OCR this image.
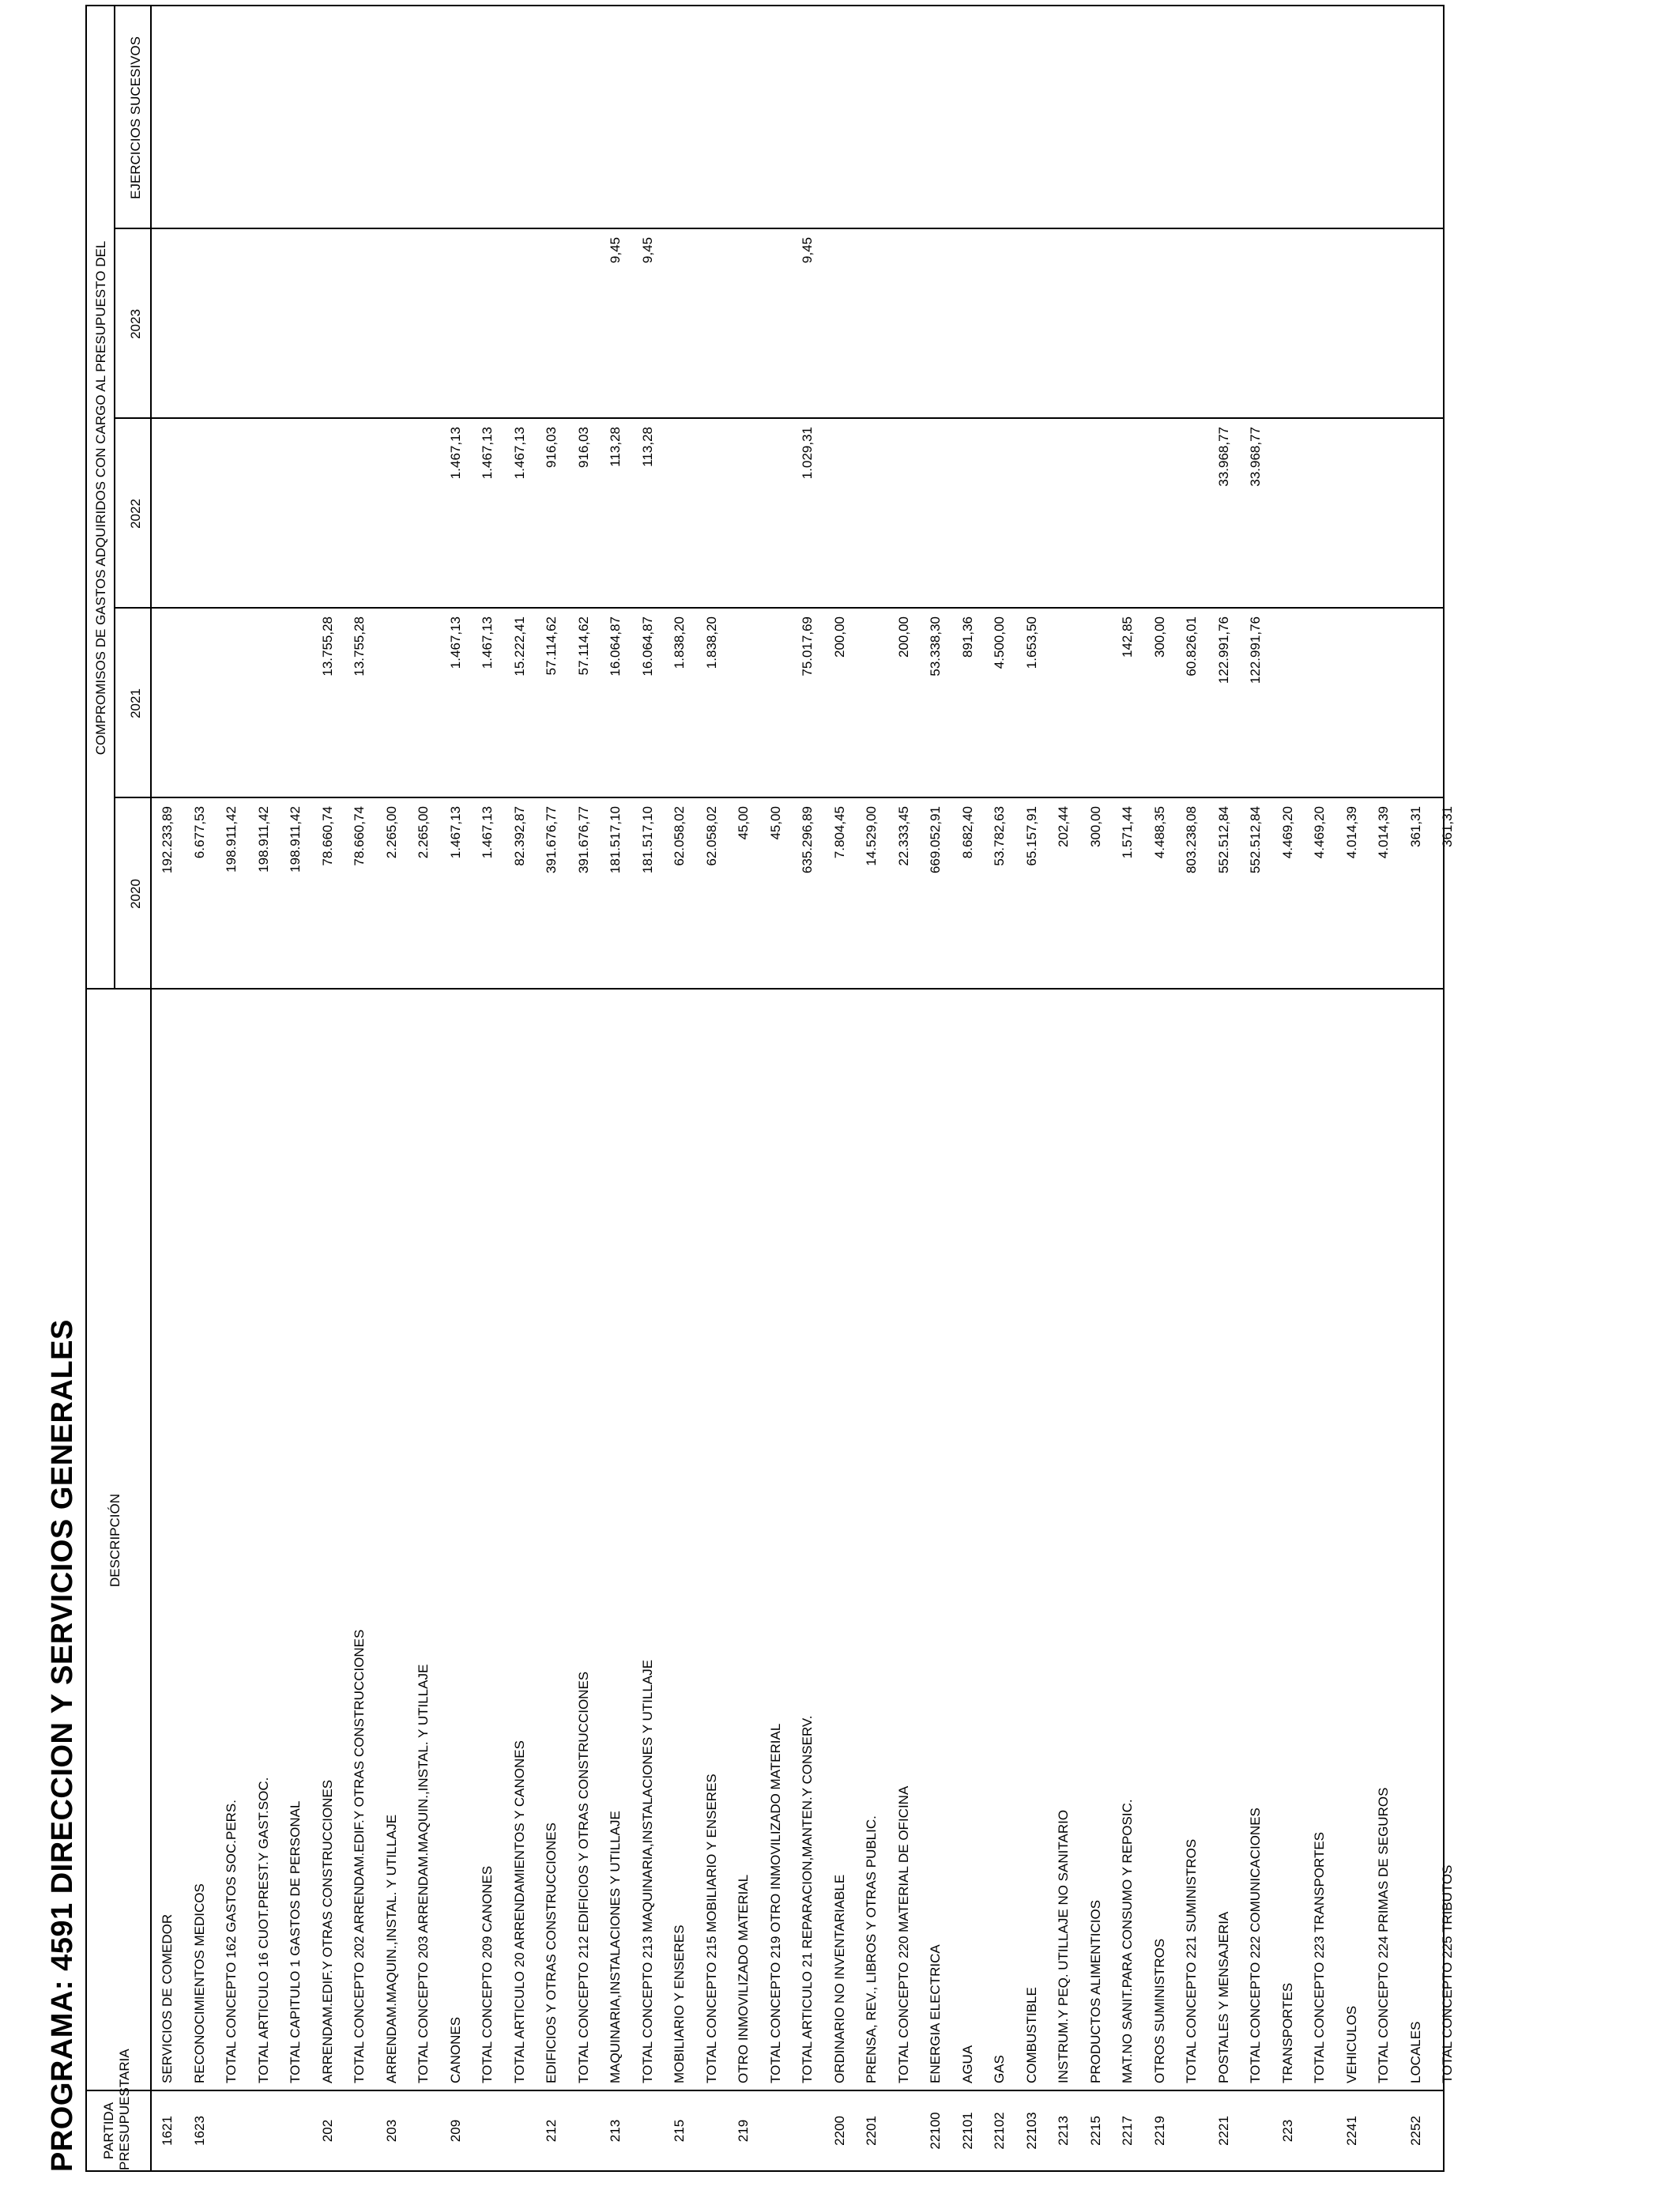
PROGRAMA: 4591 DIRECCION Y SERVICIOS GENERALES PARTIDA PRESUPUESTARIA
DESCRIPCIÓN
COMPROMISOS DE GASTOS ADQUIRIDOS CON CARGO AL PRESUPUESTO DEL
2020
2021
2022
2023
EJERCICIOS SUCESIVOS
1621
SERVICIOS DE COMEDOR
192.233,89
1623
RECONOCIMIENTOS MEDICOS
6.677,53
TOTAL CONCEPTO 162 GASTOS SOC.PERS.
198.911,42
TOTAL ARTICULO 16 CUOT.PREST.Y GAST.SOC.
198.911,42
TOTAL CAPITULO 1 GASTOS DE PERSONAL
198.911,42
202
ARRENDAM.EDIF.Y OTRAS CONSTRUCCIONES
78.660,74
13.755,28
TOTAL CONCEPTO 202 ARRENDAM.EDIF.Y OTRAS CONSTRUCCIONES
78.660,74
13.755,28
203
ARRENDAM.MAQUIN.,INSTAL. Y UTILLAJE
2.265,00
TOTAL CONCEPTO 203 ARRENDAM.MAQUIN.,INSTAL. Y UTILLAJE
2.265,00
209
CANONES
1.467,13
1.467,13
1.467,13
TOTAL CONCEPTO 209 CANONES
1.467,13
1.467,13
1.467,13
TOTAL ARTICULO 20 ARRENDAMIENTOS Y CANONES
82.392,87
15.222,41
1.467,13
212
EDIFICIOS Y OTRAS CONSTRUCCIONES
391.676,77
57.114,62
916,03
TOTAL CONCEPTO 212 EDIFICIOS Y OTRAS CONSTRUCCIONES
391.676,77
57.114,62
916,03
213
MAQUINARIA,INSTALACIONES Y UTILLAJE
181.517,10
16.064,87
113,28
9,45
TOTAL CONCEPTO 213 MAQUINARIA,INSTALACIONES Y UTILLAJE
181.517,10
16.064,87
113,28
9,45
215
MOBILIARIO Y ENSERES
62.058,02
1.838,20
TOTAL CONCEPTO 215 MOBILIARIO Y ENSERES
62.058,02
1.838,20
219
OTRO INMOVILIZADO MATERIAL
45,00
TOTAL CONCEPTO 219 OTRO INMOVILIZADO MATERIAL
45,00
TOTAL ARTICULO 21 REPARACION,MANTEN.Y CONSERV.
635.296,89
75.017,69
1.029,31
9,45
2200
ORDINARIO NO INVENTARIABLE
7.804,45
200,00
2201
PRENSA, REV., LIBROS Y OTRAS PUBLIC.
14.529,00
TOTAL CONCEPTO 220 MATERIAL DE OFICINA
22.333,45
200,00
22100
ENERGIA ELECTRICA
669.052,91
53.338,30
22101
AGUA
8.682,40
891,36
22102
GAS
53.782,63
4.500,00
22103
COMBUSTIBLE
65.157,91
1.653,50
2213
INSTRUM.Y PEQ. UTILLAJE NO SANITARIO
202,44
2215
PRODUCTOS ALIMENTICIOS
300,00
2217
MAT.NO SANIT.PARA CONSUMO Y REPOSIC.
1.571,44
142,85
2219
OTROS SUMINISTROS
4.488,35
300,00
TOTAL CONCEPTO 221 SUMINISTROS
803.238,08
60.826,01
2221
POSTALES Y MENSAJERIA
552.512,84
122.991,76
33.968,77
TOTAL CONCEPTO 222 COMUNICACIONES
552.512,84
122.991,76
33.968,77
223
TRANSPORTES
4.469,20
TOTAL CONCEPTO 223 TRANSPORTES
4.469,20
2241
VEHICULOS
4.014,39
TOTAL CONCEPTO 224 PRIMAS DE SEGUROS
4.014,39
2252
LOCALES
361,31
TOTAL CONCEPTO 225 TRIBUTOS
361,31
